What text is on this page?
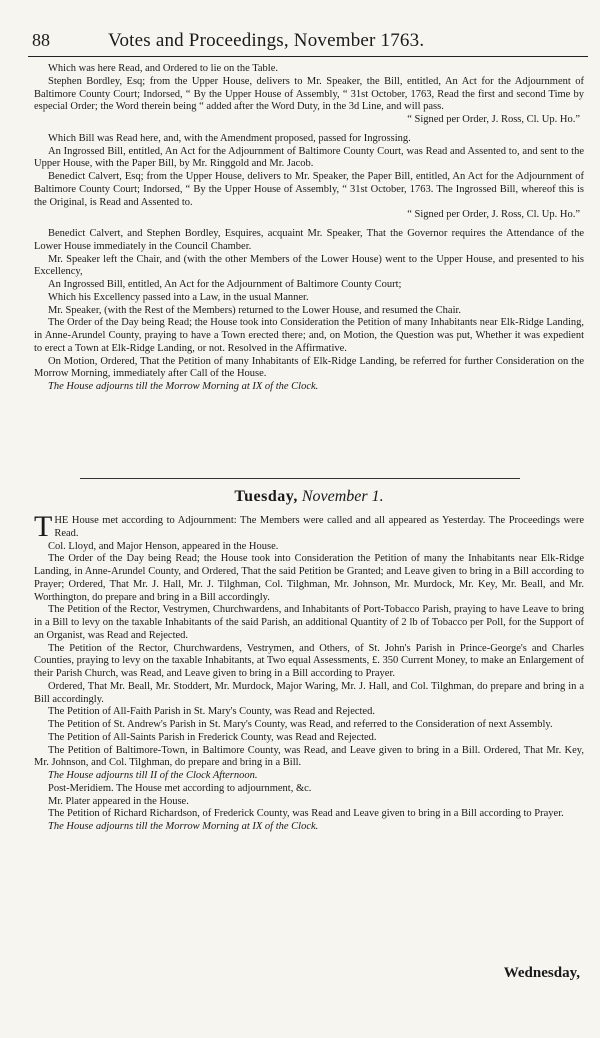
88	Votes and Proceedings, November 1763.

Which was here Read, and Ordered to lie on the Table.

Stephen Bordley, Esq; from the Upper House, delivers to Mr. Speaker, the Bill, entitled, An Act for the Adjournment of Baltimore County Court; Indorsed, “ By the Upper House of Assembly, “ 31st October, 1763, Read the first and second Time by especial Order; the Word therein being “ added after the Word Duty, in the 3d Line, and will pass.

“ Signed per Order, J. Ross, Cl. Up. Ho.”

Which Bill was Read here, and, with the Amendment proposed, passed for Ingrossing.

An Ingrossed Bill, entitled, An Act for the Adjournment of Baltimore County Court, was Read and Assented to, and sent to the Upper House, with the Paper Bill, by Mr. Ringgold and Mr. Jacob.

Benedict Calvert, Esq; from the Upper House, delivers to Mr. Speaker, the Paper Bill, entitled, An Act for the Adjournment of Baltimore County Court; Indorsed, “ By the Upper House of Assembly, “ 31st October, 1763. The Ingrossed Bill, whereof this is the Original, is Read and Assented to.

“ Signed per Order, J. Ross, Cl. Up. Ho.”

Benedict Calvert, and Stephen Bordley, Esquires, acquaint Mr. Speaker, That the Governor requires the Attendance of the Lower House immediately in the Council Chamber.

Mr. Speaker left the Chair, and (with the other Members of the Lower House) went to the Upper House, and presented to his Excellency,

An Ingrossed Bill, entitled, An Act for the Adjournment of Baltimore County Court;

Which his Excellency passed into a Law, in the usual Manner.

Mr. Speaker, (with the Rest of the Members) returned to the Lower House, and resumed the Chair.

The Order of the Day being Read; the House took into Consideration the Petition of many Inhabitants near Elk-Ridge Landing, in Anne-Arundel County, praying to have a Town erected there; and, on Motion, the Question was put, Whether it was expedient to erect a Town at Elk-Ridge Landing, or not. Resolved in the Affirmative.

On Motion, Ordered, That the Petition of many Inhabitants of Elk-Ridge Landing, be referred for further Consideration on the Morrow Morning, immediately after Call of the House.

The House adjourns till the Morrow Morning at IX of the Clock.

Tuesday, November 1.

THE House met according to Adjournment: The Members were called and all appeared as Yesterday. The Proceedings were Read.

Col. Lloyd, and Major Henson, appeared in the House.

The Order of the Day being Read; the House took into Consideration the Petition of many the Inhabitants near Elk-Ridge Landing, in Anne-Arundel County, and Ordered, That the said Petition be Granted; and Leave given to bring in a Bill according to Prayer; Ordered, That Mr. J. Hall, Mr. J. Tilghman, Col. Tilghman, Mr. Johnson, Mr. Murdock, Mr. Key, Mr. Beall, and Mr. Worthington, do prepare and bring in a Bill accordingly.

The Petition of the Rector, Vestrymen, Churchwardens, and Inhabitants of Port-Tobacco Parish, praying to have Leave to bring in a Bill to levy on the taxable Inhabitants of the said Parish, an additional Quantity of 2 lb of Tobacco per Poll, for the Support of an Organist, was Read and Rejected.

The Petition of the Rector, Churchwardens, Vestrymen, and Others, of St. John's Parish in Prince-George's and Charles Counties, praying to levy on the taxable Inhabitants, at Two equal Assessments, £. 350 Current Money, to make an Enlargement of their Parish Church, was Read, and Leave given to bring in a Bill according to Prayer.

Ordered, That Mr. Beall, Mr. Stoddert, Mr. Murdock, Major Waring, Mr. J. Hall, and Col. Tilghman, do prepare and bring in a Bill accordingly.

The Petition of All-Faith Parish in St. Mary's County, was Read and Rejected.

The Petition of St. Andrew's Parish in St. Mary's County, was Read, and referred to the Consideration of next Assembly.

The Petition of All-Saints Parish in Frederick County, was Read and Rejected.

The Petition of Baltimore-Town, in Baltimore County, was Read, and Leave given to bring in a Bill. Ordered, That Mr. Key, Mr. Johnson, and Col. Tilghman, do prepare and bring in a Bill.

The House adjourns till II of the Clock Afternoon.

Post-Meridiem. The House met according to adjournment, &c.

Mr. Plater appeared in the House.

The Petition of Richard Richardson, of Frederick County, was Read and Leave given to bring in a Bill according to Prayer.

The House adjourns till the Morrow Morning at IX of the Clock.

Wednesday,
